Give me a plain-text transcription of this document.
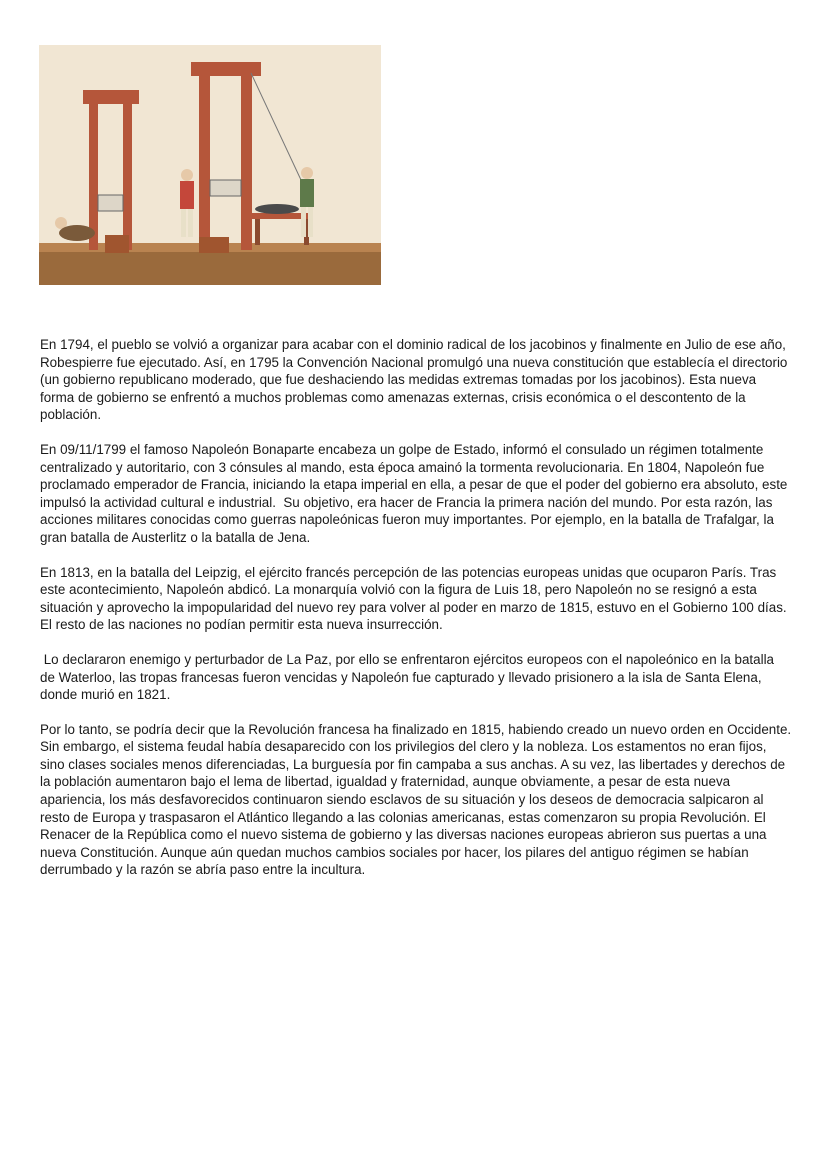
En 1794, el pueblo se volvió a organizar para acabar con el dominio radical de los jacobinos y finalmente en Julio de ese año, Robespierre fue ejecutado. Así, en 1795 la Convención Nacional promulgó una nueva constitución que establecía el directorio (un gobierno republicano moderado, que fue deshaciendo las medidas extremas tomadas por los jacobinos). Esta nueva forma de gobierno se enfrentó a muchos problemas como amenazas externas, crisis económica o el descontento de la población.

En 09/11/1799 el famoso Napoleón Bonaparte encabeza un golpe de Estado, informó el consulado un régimen totalmente centralizado y autoritario, con 3 cónsules al mando, esta época amainó la tormenta revolucionaria. En 1804, Napoleón fue proclamado emperador de Francia, iniciando la etapa imperial en ella, a pesar de que el poder del gobierno era absoluto, este  impulsó la actividad cultural e industrial.  Su objetivo, era hacer de Francia la primera nación del mundo. Por esta razón, las acciones militares conocidas como guerras napoleónicas fueron muy importantes. Por ejemplo, en la batalla de Trafalgar, la gran batalla de Austerlitz o la batalla de Jena.

En 1813, en la batalla del Leipzig, el ejército francés percepción de las potencias europeas unidas que ocuparon París. Tras este acontecimiento, Napoleón abdicó. La monarquía volvió con la figura de Luis 18, pero Napoleón no se resignó a esta situación y aprovecho la impopularidad del nuevo rey para volver al poder en marzo de 1815, estuvo en el Gobierno 100 días. El resto de las naciones no podían permitir esta nueva insurrección.

Lo declararon enemigo y perturbador de La Paz, por ello se enfrentaron ejércitos europeos con el napoleónico en la batalla de Waterloo, las tropas francesas fueron vencidas y Napoleón fue capturado y llevado prisionero a la isla de Santa Elena, donde murió en 1821.

Por lo tanto, se podría decir que la Revolución francesa ha finalizado en 1815, habiendo creado un nuevo orden en Occidente. Sin embargo, el sistema feudal había desaparecido con los privilegios del clero y la nobleza. Los estamentos no eran fijos, sino clases sociales menos diferenciadas, La burguesía por fin campaba a sus anchas. A su vez, las libertades y derechos de la población aumentaron bajo el lema de libertad, igualdad y fraternidad, aunque obviamente, a pesar de esta nueva apariencia, los más desfavorecidos continuaron siendo esclavos de su situación y los deseos de democracia salpicaron al resto de Europa y traspasaron el Atlántico llegando a las colonias americanas, estas comenzaron su propia Revolución. El  Renacer de la República como el nuevo sistema de gobierno y las diversas naciones europeas abrieron sus puertas a una nueva Constitución. Aunque aún quedan muchos cambios sociales por hacer, los pilares del antiguo régimen se habían derrumbado y la razón se abría paso entre la incultura.
